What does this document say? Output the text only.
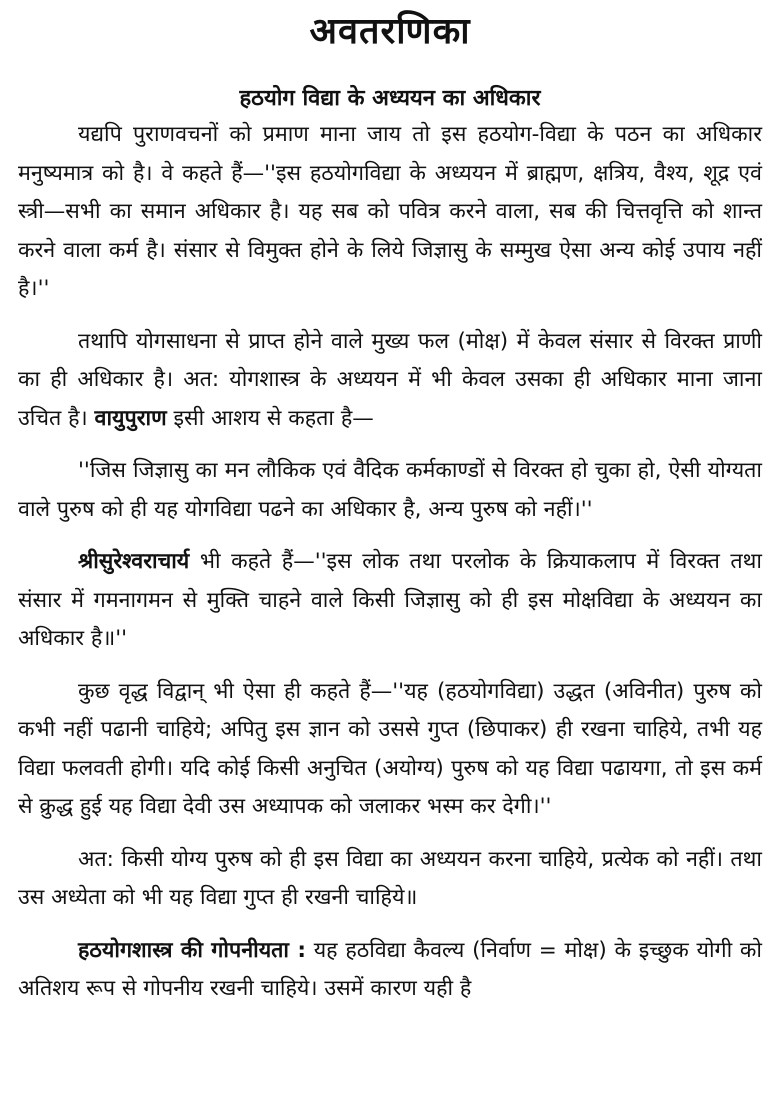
अवतरणिका
हठयोग विद्या के अध्ययन का अधिकार

यद्यपि पुराणवचनों को प्रमाण माना जाय तो इस हठयोग-विद्या के पठन का अधिकार मनुष्यमात्र को है। वे कहते हैं—''इस हठयोगविद्या के अध्ययन में ब्राह्मण, क्षत्रिय, वैश्य, शूद्र एवं स्त्री—सभी का समान अधिकार है। यह सब को पवित्र करने वाला, सब की चित्तवृत्ति को शान्त करने वाला कर्म है। संसार से विमुक्त होने के लिये जिज्ञासु के सम्मुख ऐसा अन्य कोई उपाय नहीं है।''

तथापि योगसाधना से प्राप्त होने वाले मुख्य फल (मोक्ष) में केवल संसार से विरक्त प्राणी का ही अधिकार है। अत: योगशास्त्र के अध्ययन में भी केवल उसका ही अधिकार माना जाना उचित है। वायुपुराण इसी आशय से कहता है—

''जिस जिज्ञासु का मन लौकिक एवं वैदिक कर्मकाण्डों से विरक्त हो चुका हो, ऐसी योग्यता वाले पुरुष को ही यह योगविद्या पढने का अधिकार है, अन्य पुरुष को नहीं।''

श्रीसुरेश्वराचार्य भी कहते हैं—''इस लोक तथा परलोक के क्रियाकलाप में विरक्त तथा संसार में गमनागमन से मुक्ति चाहने वाले किसी जिज्ञासु को ही इस मोक्षविद्या के अध्ययन का अधिकार है॥''

कुछ वृद्ध विद्वान् भी ऐसा ही कहते हैं—''यह (हठयोगविद्या) उद्धत (अविनीत) पुरुष को कभी नहीं पढानी चाहिये; अपितु इस ज्ञान को उससे गुप्त (छिपाकर) ही रखना चाहिये, तभी यह विद्या फलवती होगी। यदि कोई किसी अनुचित (अयोग्य) पुरुष को यह विद्या पढायगा, तो इस कर्म से क्रुद्ध हुई यह विद्या देवी उस अध्यापक को जलाकर भस्म कर देगी।''

अत: किसी योग्य पुरुष को ही इस विद्या का अध्ययन करना चाहिये, प्रत्येक को नहीं। तथा उस अध्येता को भी यह विद्या गुप्त ही रखनी चाहिये॥

हठयोगशास्त्र की गोपनीयता : यह हठविद्या कैवल्य (निर्वाण = मोक्ष) के इच्छुक योगी को अतिशय रूप से गोपनीय रखनी चाहिये। उसमें कारण यही है
